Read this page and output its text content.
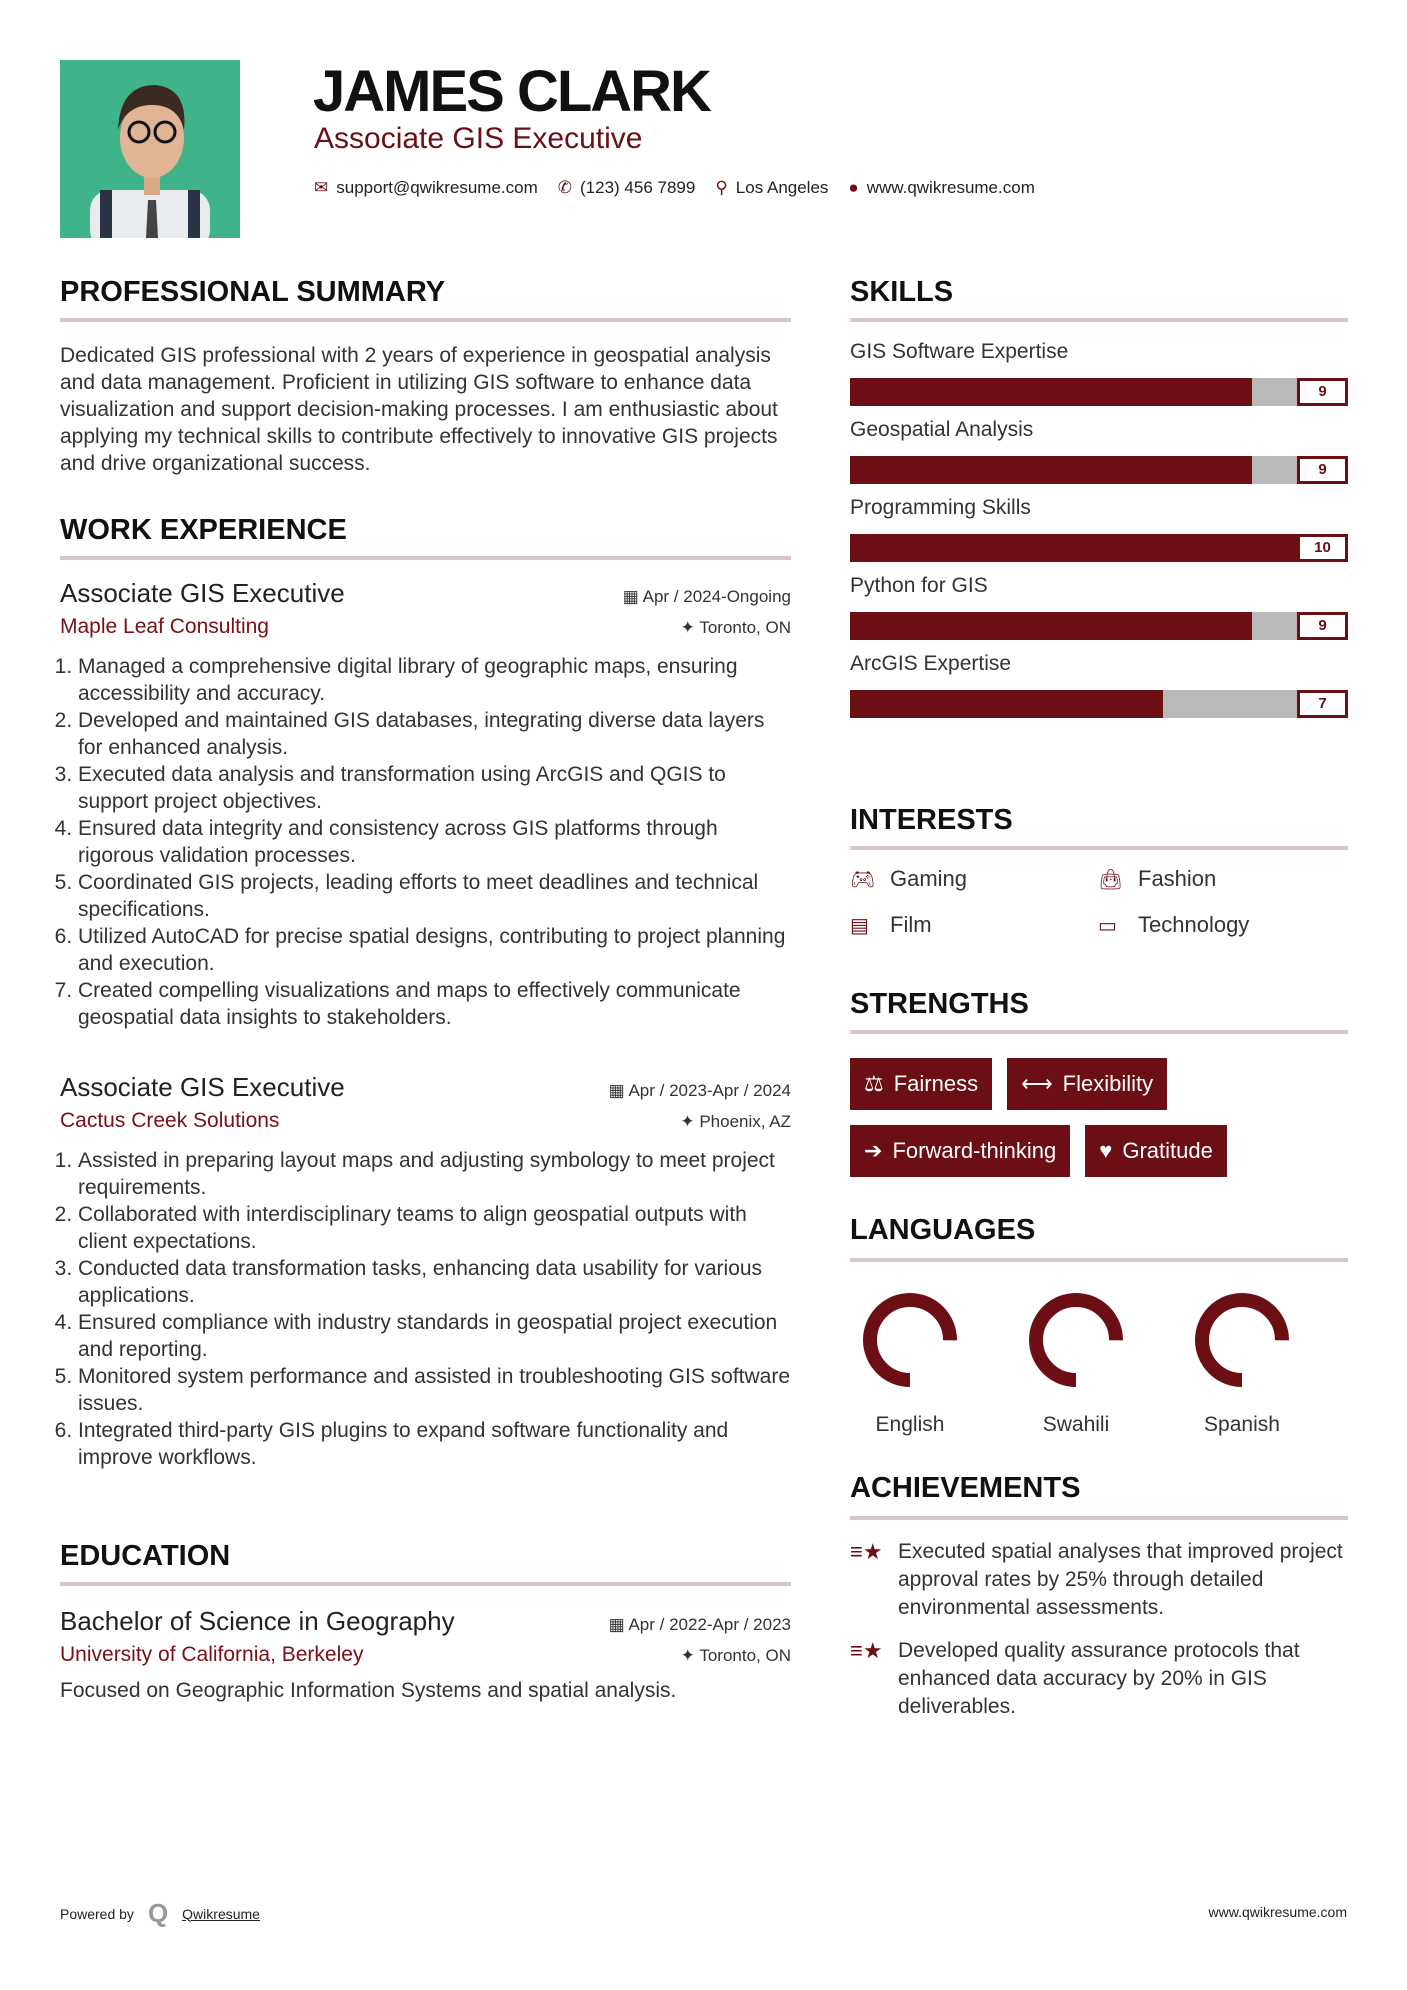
JAMES CLARK
Associate GIS Executive
✉ support@qwikresume.com ✆ (123) 456 7899 ⚲ Los Angeles ● www.qwikresume.com
PROFESSIONAL SUMMARY
Dedicated GIS professional with 2 years of experience in geospatial analysis and data management. Proficient in utilizing GIS software to enhance data visualization and support decision-making processes. I am enthusiastic about applying my technical skills to contribute effectively to innovative GIS projects and drive organizational success.
WORK EXPERIENCE
Associate GIS Executive	▦ Apr / 2024-Ongoing
Maple Leaf Consulting	✦ Toronto, ON
1. Managed a comprehensive digital library of geographic maps, ensuring accessibility and accuracy.
2. Developed and maintained GIS databases, integrating diverse data layers for enhanced analysis.
3. Executed data analysis and transformation using ArcGIS and QGIS to support project objectives.
4. Ensured data integrity and consistency across GIS platforms through rigorous validation processes.
5. Coordinated GIS projects, leading efforts to meet deadlines and technical specifications.
6. Utilized AutoCAD for precise spatial designs, contributing to project planning and execution.
7. Created compelling visualizations and maps to effectively communicate geospatial data insights to stakeholders.
Associate GIS Executive	▦ Apr / 2023-Apr / 2024
Cactus Creek Solutions	✦ Phoenix, AZ
1. Assisted in preparing layout maps and adjusting symbology to meet project requirements.
2. Collaborated with interdisciplinary teams to align geospatial outputs with client expectations.
3. Conducted data transformation tasks, enhancing data usability for various applications.
4. Ensured compliance with industry standards in geospatial project execution and reporting.
5. Monitored system performance and assisted in troubleshooting GIS software issues.
6. Integrated third-party GIS plugins to expand software functionality and improve workflows.
EDUCATION
Bachelor of Science in Geography	▦ Apr / 2022-Apr / 2023
University of California, Berkeley	✦ Toronto, ON
Focused on Geographic Information Systems and spatial analysis.
SKILLS
GIS Software Expertise
9
Geospatial Analysis
9
Programming Skills
10
Python for GIS
9
ArcGIS Expertise
7
INTERESTS
🎮︎ Gaming	👜︎ Fashion
▤ Film	▭ Technology
STRENGTHS
⚖ Fairness ⟷ Flexibility
➔ Forward-thinking ♥ Gratitude
LANGUAGES
English	Swahili	Spanish
ACHIEVEMENTS
≡★ Executed spatial analyses that improved project approval rates by 25% through detailed environmental assessments.
≡★ Developed quality assurance protocols that enhanced data accuracy by 20% in GIS deliverables.
Powered by Q Qwikresume	www.qwikresume.com
